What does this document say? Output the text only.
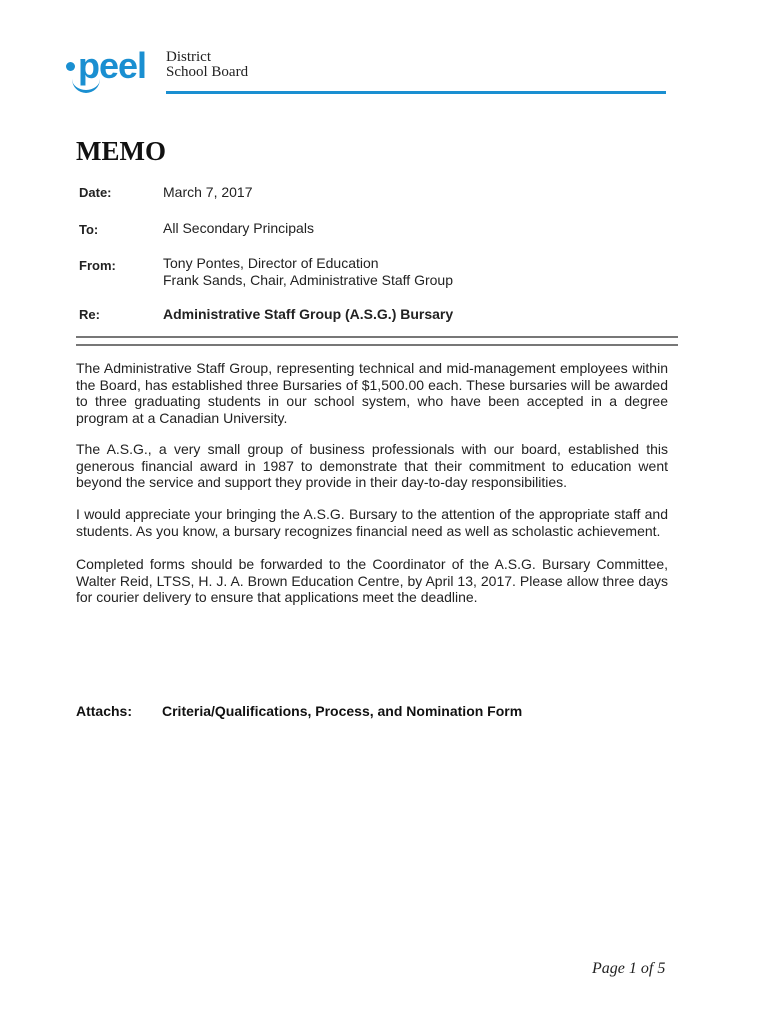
peel District
School Board
MEMO
Date:	March 7, 2017
To:	All Secondary Principals
From:	Tony Pontes, Director of Education
Frank Sands, Chair, Administrative Staff Group
Re:	Administrative Staff Group (A.S.G.) Bursary

The Administrative Staff Group, representing technical and mid-management employees within the Board, has established three Bursaries of $1,500.00 each. These bursaries will be awarded to three graduating students in our school system, who have been accepted in a degree program at a Canadian University.

The A.S.G., a very small group of business professionals with our board, established this generous financial award in 1987 to demonstrate that their commitment to education went beyond the service and support they provide in their day-to-day responsibilities.

I would appreciate your bringing the A.S.G. Bursary to the attention of the appropriate staff and students. As you know, a bursary recognizes financial need as well as scholastic achievement.

Completed forms should be forwarded to the Coordinator of the A.S.G. Bursary Committee, Walter Reid, LTSS, H. J. A. Brown Education Centre, by April 13, 2017. Please allow three days for courier delivery to ensure that applications meet the deadline.

Attachs: Criteria/Qualifications, Process, and Nomination Form
Page 1 of 5
